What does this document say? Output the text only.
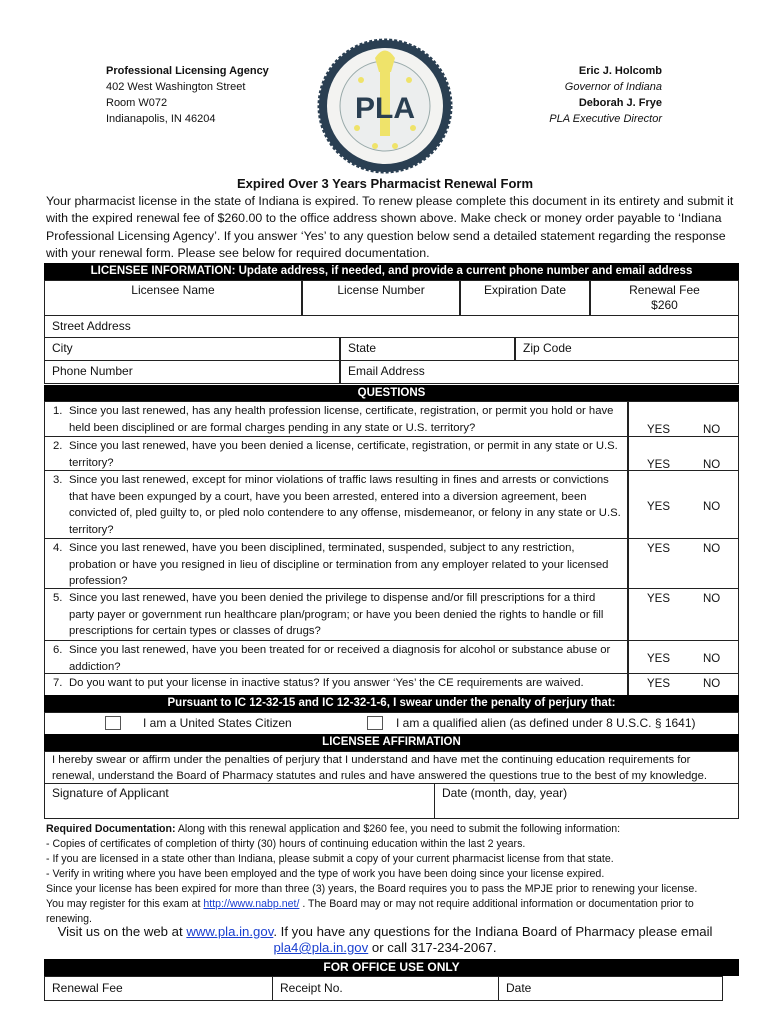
Professional Licensing Agency
402 West Washington Street
Room W072
Indianapolis, IN 46204	PLA
Eric J. Holcomb
Governor of Indiana
Deborah J. Frye
PLA Executive Director
Expired Over 3 Years Pharmacist Renewal Form
Your pharmacist license in the state of Indiana is expired. To renew please complete this document in its entirety and submit it with the expired renewal fee of $260.00 to the office address shown above. Make check or money order payable to ‘Indiana Professional Licensing Agency’. If you answer ‘Yes’ to any question below send a detailed statement regarding the response with your renewal form. Please see below for required documentation.
LICENSEE INFORMATION: Update address, if needed, and provide a current phone number and email address
Licensee Name	License Number	Expiration Date	Renewal Fee
$260
Street Address
City	State	Zip Code
Phone Number	Email Address
QUESTIONS
1. Since you last renewed, has any health profession license, certificate, registration, or permit you hold or have held been disciplined or are formal charges pending in any state or U.S. territory?	YES	NO
2. Since you last renewed, have you been denied a license, certificate, registration, or permit in any state or U.S. territory?	YES	NO
3. Since you last renewed, except for minor violations of traffic laws resulting in fines and arrests or convictions that have been expunged by a court, have you been arrested, entered into a diversion agreement, been convicted of, pled guilty to, or pled nolo contendere to any offense, misdemeanor, or felony in any state or U.S. territory?
YES	NO
4. Since you last renewed, have you been disciplined, terminated, suspended, subject to any restriction, probation or have you resigned in lieu of discipline or termination from any employer related to your licensed profession?
YES	NO
5. Since you last renewed, have you been denied the privilege to dispense and/or fill prescriptions for a third party payer or government run healthcare plan/program; or have you been denied the rights to handle or fill prescriptions for certain types or classes of drugs?
YES	NO
6. Since you last renewed, have you been treated for or received a diagnosis for alcohol or substance abuse or addiction?
YES	NO
7. Do you want to put your license in inactive status? If you answer ‘Yes’ the CE requirements are waived.	YES	NO
Pursuant to IC 12-32-15 and IC 12-32-1-6, I swear under the penalty of perjury that:
I am a United States Citizen	I am a qualified alien (as defined under 8 U.S.C. § 1641)
LICENSEE AFFIRMATION
I hereby swear or affirm under the penalties of perjury that I understand and have met the continuing education requirements for renewal, understand the Board of Pharmacy statutes and rules and have answered the questions true to the best of my knowledge.
Signature of Applicant	Date (month, day, year)
Required Documentation: Along with this renewal application and $260 fee, you need to submit the following information:
- Copies of certificates of completion of thirty (30) hours of continuing education within the last 2 years.
- If you are licensed in a state other than Indiana, please submit a copy of your current pharmacist license from that state.
- Verify in writing where you have been employed and the type of work you have been doing since your license expired.
Since your license has been expired for more than three (3) years, the Board requires you to pass the MPJE prior to renewing your license.
You may register for this exam at http://www.nabp.net/ . The Board may or may not require additional information or documentation prior to renewing.
Visit us on the web at www.pla.in.gov. If you have any questions for the Indiana Board of Pharmacy please email
pla4@pla.in.gov or call 317-234-2067.
FOR OFFICE USE ONLY
Renewal Fee	Receipt No.	Date
